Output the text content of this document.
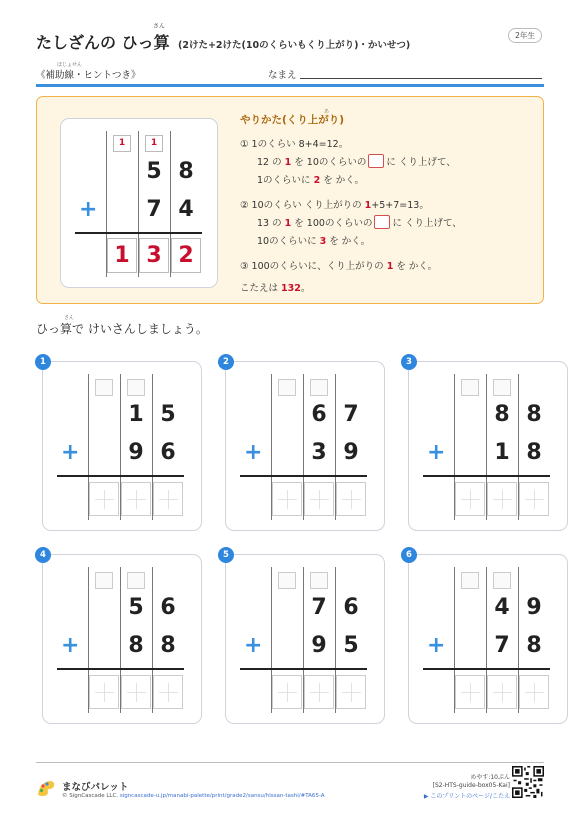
たしざんの ひっ算
さん
(2けた+2けた(10のくらいもくり上がり)・かいせつ)
2年生
ほじょせん
《補助線・ヒントつき》	なまえ
1	1
5 8
+	7 4
1 3 2
やりかた(くり上がり)
① 1のくらい 8+4=12。
12 の 1 を 10のくらいの に くり上げて、
1のくらいに 2 を かく。
② 10のくらい くり上がりの 1+5+7=13。
13 の 1 を 100のくらいの に くり上げて、
10のくらいに 3 を かく。
③ 100のくらいに、くり上がりの 1 を かく。
こたえは 132。
あ
さん
ひっ算で けいさんしましょう。
1
1 5
+	9 6
2
6 7
+	3 9
3
8 8
+	1 8
4
5 6
+	8 8
5
7 6
+	9 5
6
4 9
+	7 8
まなびパレット
© SignCascade LLC. signcascade-u.jp/manabi-palette/print/grade2/sansu/hissan-tashi/#TA65-A
めやす:10ぷん
[S2-HTS-guide-box05-Kai]
▶ このプリントのページ/こたえ
